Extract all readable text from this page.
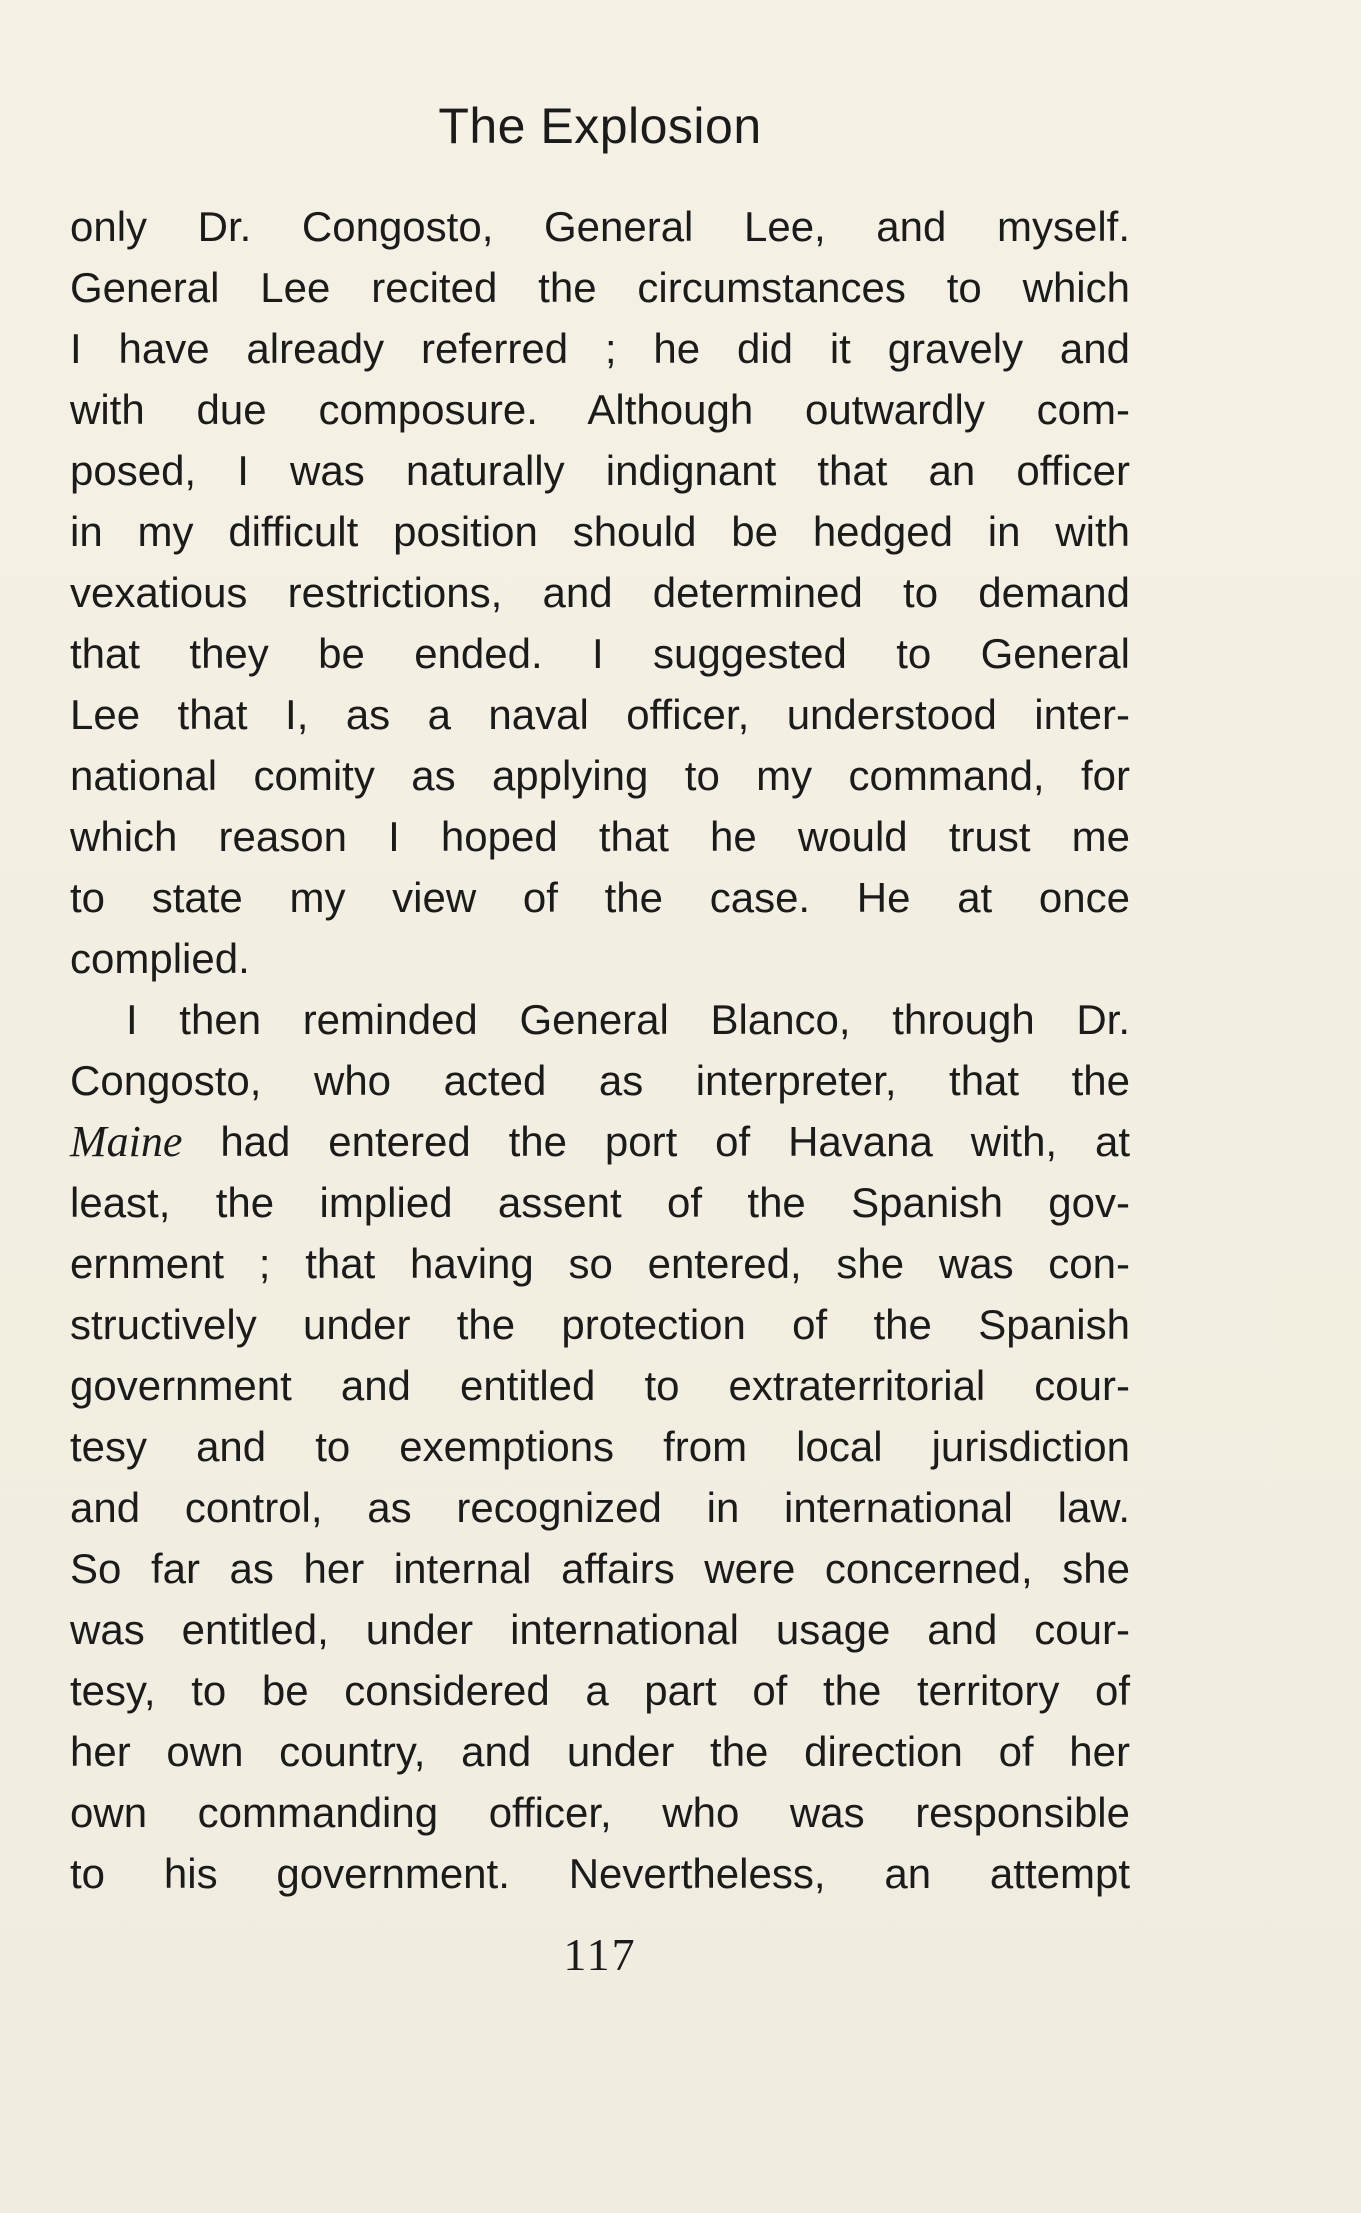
The Explosion
only Dr. Congosto, General Lee, and myself.
General Lee recited the circumstances to which
I have already referred ; he did it gravely and
with due composure. Although outwardly com-
posed, I was naturally indignant that an officer
in my difficult position should be hedged in with
vexatious restrictions, and determined to demand
that they be ended. I suggested to General
Lee that I, as a naval officer, understood inter-
national comity as applying to my command, for
which reason I hoped that he would trust me
to state my view of the case. He at once
complied.
I then reminded General Blanco, through Dr.
Congosto, who acted as interpreter, that the
Maine had entered the port of Havana with, at
least, the implied assent of the Spanish gov-
ernment ; that having so entered, she was con-
structively under the protection of the Spanish
government and entitled to extraterritorial cour-
tesy and to exemptions from local jurisdiction
and control, as recognized in international law.
So far as her internal affairs were concerned, she
was entitled, under international usage and cour-
tesy, to be considered a part of the territory of
her own country, and under the direction of her
own commanding officer, who was responsible
to his government. Nevertheless, an attempt
117
